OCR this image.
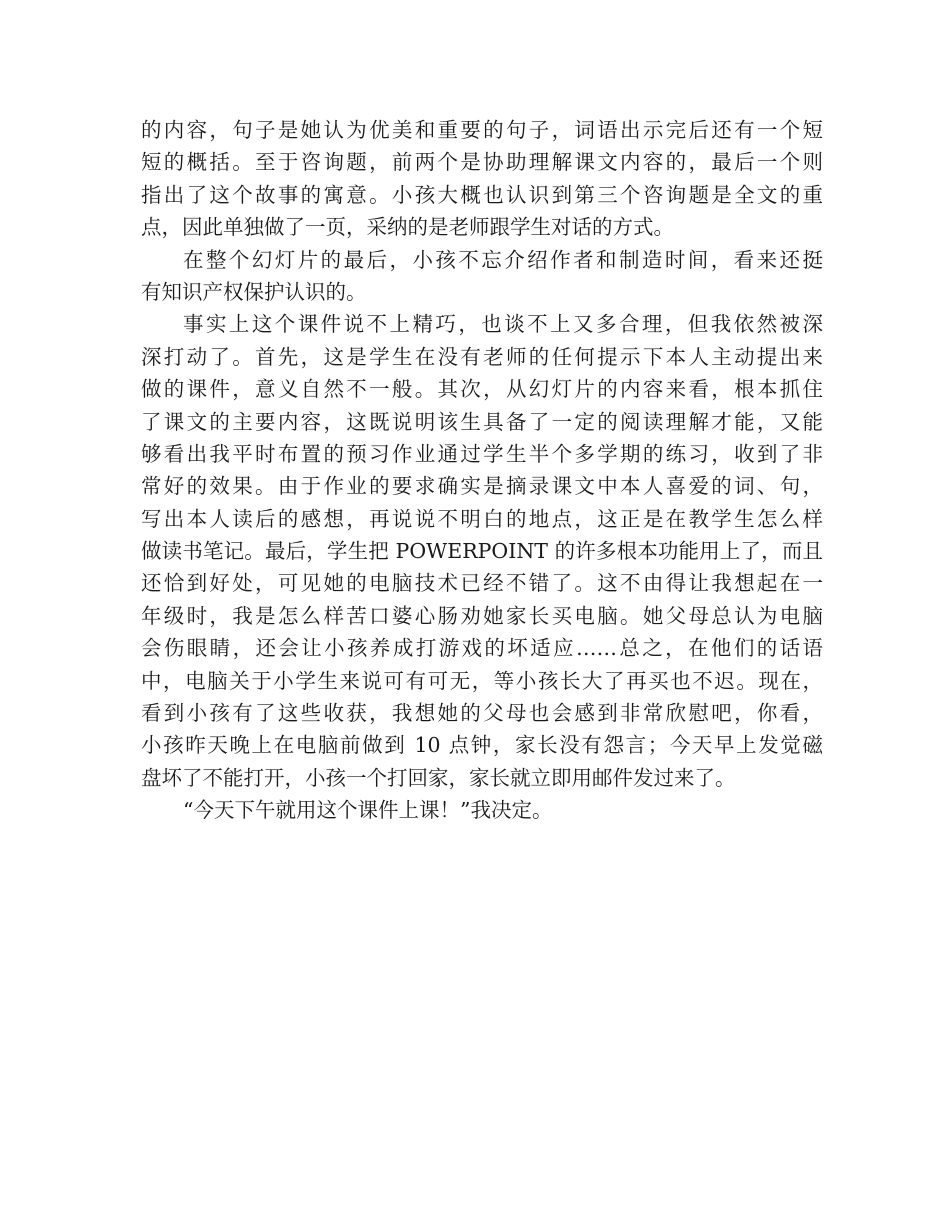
的内容，句子是她认为优美和重要的句子，词语出示完后还有一个短
短的概括。至于咨询题，前两个是协助理解课文内容的，最后一个则
指出了这个故事的寓意。小孩大概也认识到第三个咨询题是全文的重
点，因此单独做了一页，采纳的是老师跟学生对话的方式。
在整个幻灯片的最后，小孩不忘介绍作者和制造时间，看来还挺
有知识产权保护认识的。
事实上这个课件说不上精巧，也谈不上又多合理，但我依然被深
深打动了。首先，这是学生在没有老师的任何提示下本人主动提出来
做的课件，意义自然不一般。其次，从幻灯片的内容来看，根本抓住
了课文的主要内容，这既说明该生具备了一定的阅读理解才能，又能
够看出我平时布置的预习作业通过学生半个多学期的练习，收到了非
常好的效果。由于作业的要求确实是摘录课文中本人喜爱的词、句，
写出本人读后的感想，再说说不明白的地点，这正是在教学生怎么样
做读书笔记。最后，学生把 POWERPOINT 的许多根本功能用上了，而且
还恰到好处，可见她的电脑技术已经不错了。这不由得让我想起在一
年级时，我是怎么样苦口婆心肠劝她家长买电脑。她父母总认为电脑
会伤眼睛，还会让小孩养成打游戏的坏适应……总之，在他们的话语
中，电脑关于小学生来说可有可无，等小孩长大了再买也不迟。现在，
看到小孩有了这些收获，我想她的父母也会感到非常欣慰吧，你看，
小孩昨天晚上在电脑前做到 10 点钟，家长没有怨言；今天早上发觉磁
盘坏了不能打开，小孩一个打回家，家长就立即用邮件发过来了。
“今天下午就用这个课件上课！”我决定。
